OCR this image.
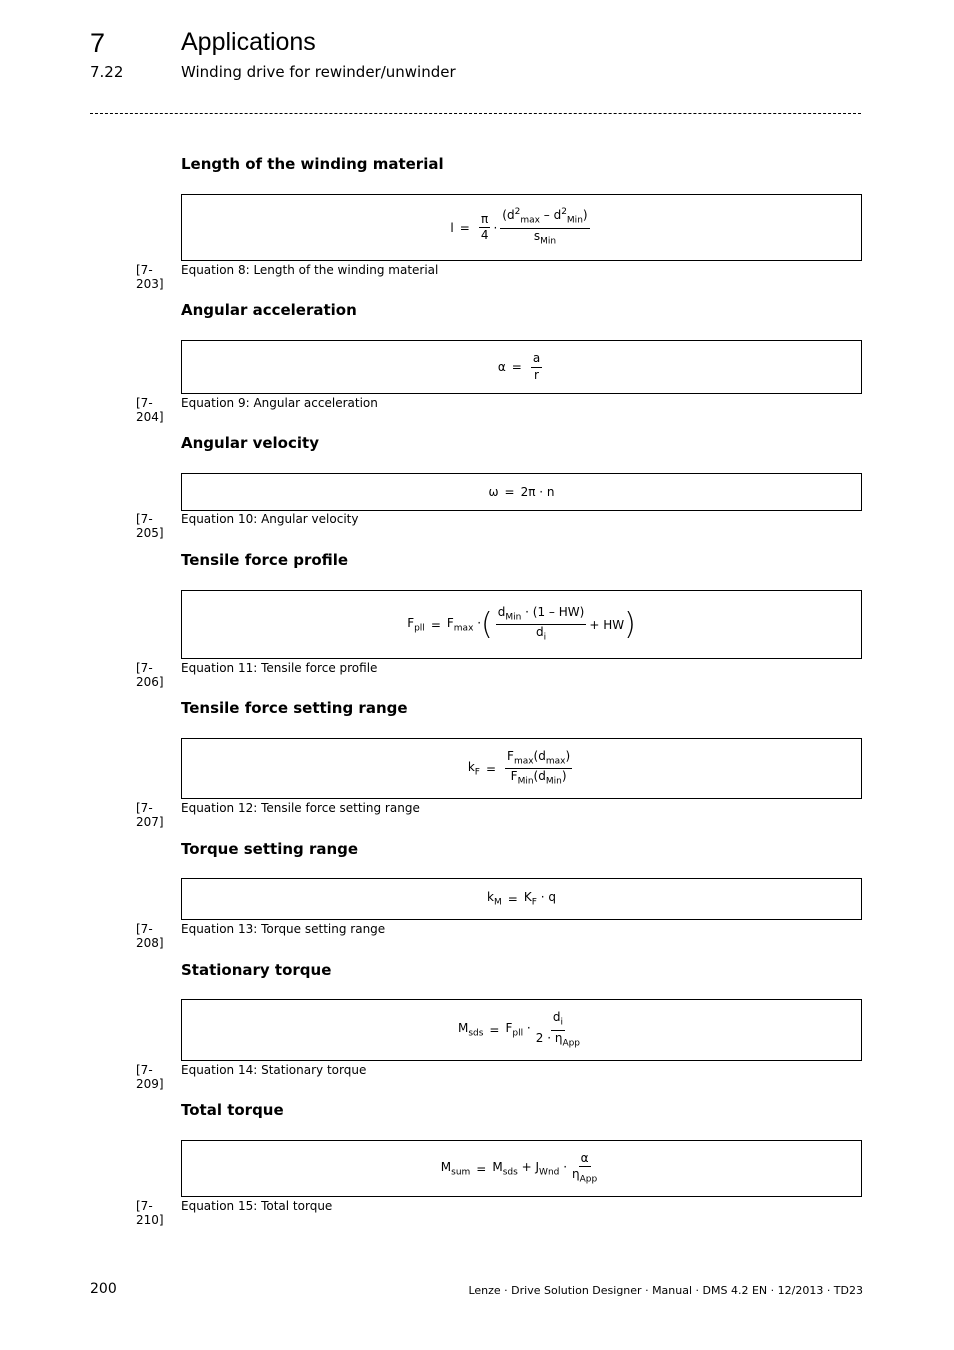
7	Applications
7.22	Winding drive for rewinder/unwinder
Length of the winding material
$l = \frac{\pi}{4} \cdot \frac{(d^2_{max} - d^2_{Min})}{s_{Min}}$
[7-203]
Equation 8: Length of the winding material
Angular acceleration
$\alpha = \frac{a}{r}$
[7-204]
Equation 9: Angular acceleration
Angular velocity
ω = 2π · n
[7-205]
Equation 10: Angular velocity
Tensile force profile
$F_{pll} = F_{max}$ · ( $\frac{d_{Min} \cdot (1 - HW)}{d_i}$ + HW )
[7-206]
Equation 11: Tensile force profile
Tensile force setting range
$k_F = \frac{F_{max}(d_{max})}{F_{Min}(d_{Min})}$
[7-207]
Equation 12: Tensile force setting range
Torque setting range
$k_M = K_F \cdot q$
[7-208]
Equation 13: Torque setting range
Stationary torque
$M_{sds} = F_{pll} \cdot \frac{d_i}{2 \cdot \eta_{App}}$
[7-209]
Equation 14: Stationary torque
Total torque
$M_{sum} = M_{sds} + J_{Wnd} \cdot \frac{\alpha}{\eta_{App}}$
[7-210]
Equation 15: Total torque
200	Lenze · Drive Solution Designer · Manual · DMS 4.2 EN · 12/2013 · TD23
